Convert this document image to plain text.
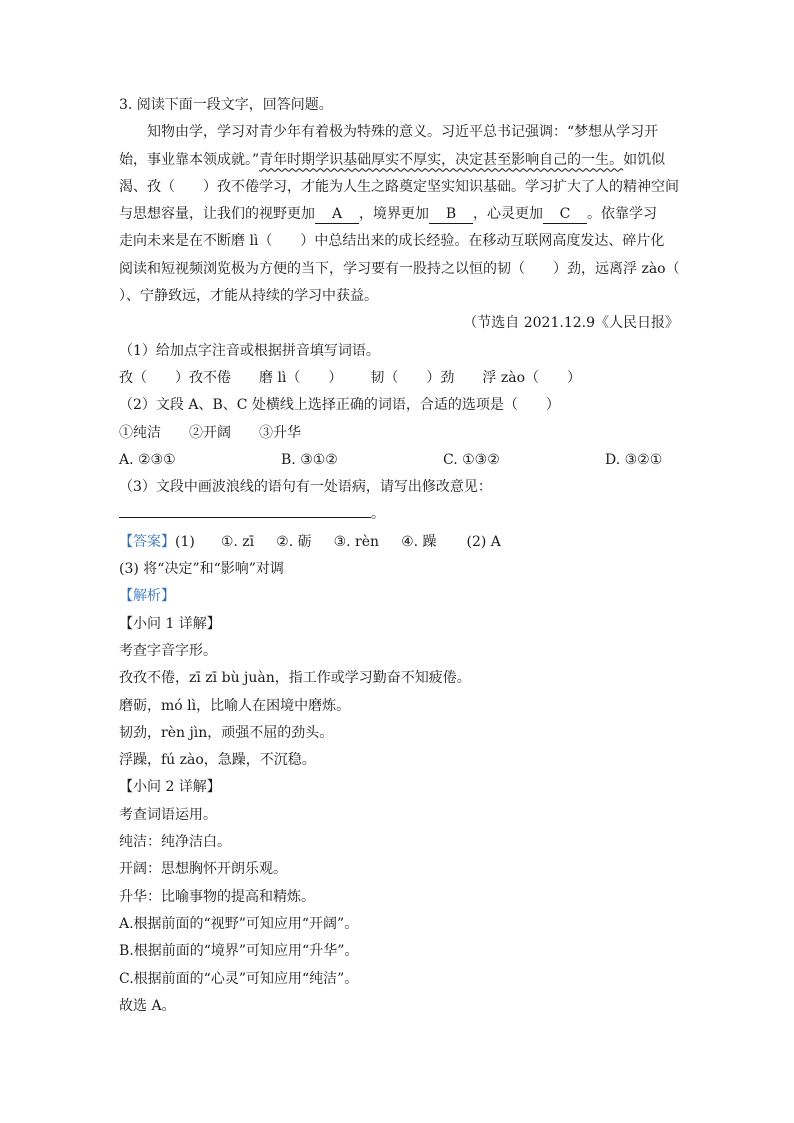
3. 阅读下面一段文字，回答问题。
知物由学，学习对青少年有着极为特殊的意义。习近平总书记强调：“梦想从学习开
始，事业靠本领成就。”青年时期学识基础厚实不厚实，决定甚至影响自己的一生。如饥似
渴、孜（　　）孜不倦学习，才能为人生之路奠定坚实知识基础。学习扩大了人的精神空间
与思想容量，让我们的视野更加 A ，境界更加 B ，心灵更加 C 。依靠学习
走向未来是在不断磨 lì（　　）中总结出来的成长经验。在移动互联网高度发达、碎片化
阅读和短视频浏览极为方便的当下，学习要有一股持之以恒的韧（　　）劲，远离浮 zào（
）、宁静致远，才能从持续的学习中获益。
（节选自 2021.12.9《人民日报》
（1）给加点字注音或根据拼音填写词语。
孜（　　）孜不倦 磨 lì（　　） 韧（　　）劲 浮 zào（　　）
（2）文段 A、B、C 处横线上选择正确的词语，合适的选项是（　　）
①纯洁　　②开阔　　③升华
A. ②③①	B. ③①②	C. ①③②	D. ③②①
（3）文段中画波浪线的语句有一处语病，请写出修改意见：
。
【答案】(1) ①. zī ②. 砺 ③. rèn ④. 躁 (2) A
(3) 将“决定”和“影响”对调
【解析】
【小问 1 详解】
考查字音字形。
孜孜不倦，zī zī bù juàn，指工作或学习勤奋不知疲倦。
磨砺，mó lì，比喻人在困境中磨炼。
韧劲，rèn jìn，顽强不屈的劲头。
浮躁，fú zào，急躁，不沉稳。
【小问 2 详解】
考查词语运用。
纯洁：纯净洁白。
开阔：思想胸怀开朗乐观。
升华：比喻事物的提高和精炼。
A.根据前面的“视野”可知应用“开阔”。
B.根据前面的“境界”可知应用“升华”。
C.根据前面的“心灵”可知应用“纯洁”。
故选 A。
